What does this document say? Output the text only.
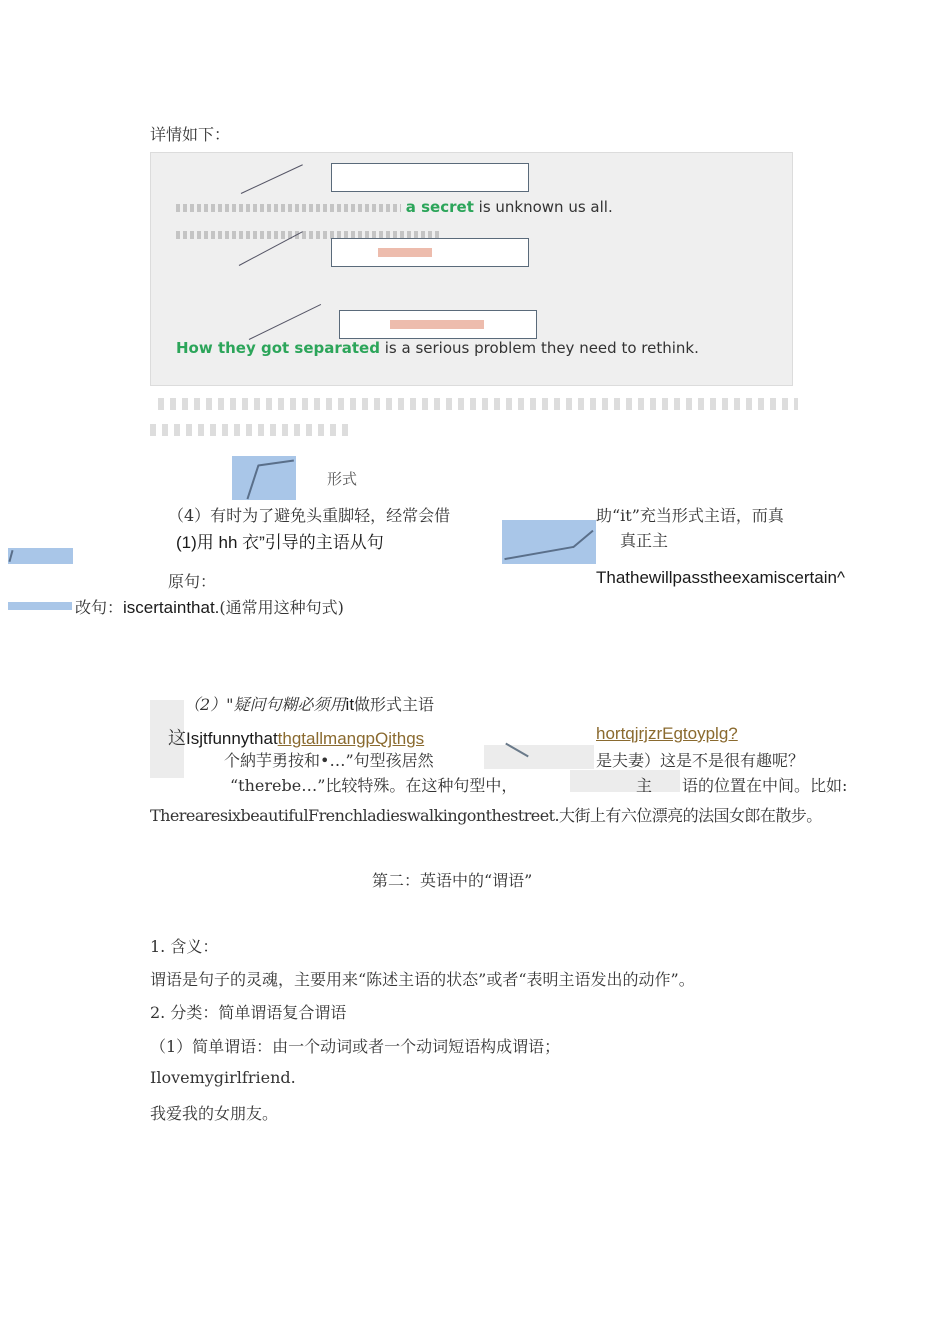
详情如下：
a secret is unknown us all.
How they got separated is a serious problem they need to rethink.
形式
（4）有时为了避免头重脚轻，经常会借	助“it”充当形式主语，而真
(1)用 hh 衣”引导的主语从句	真正主
原句：	Thathewillpasstheexamiscertain^
改句：iscertainthat.(通常用这种句式)
（2）"疑问句糊必须用it做形式主语
这IsjtfunnythatthgtallmangpQjthgs	hortqjrjzrEgtoyplg?
个納芋勇按和•…”句型孩居然	是夫妻）这是不是很有趣呢？
“therebe…”比较特殊。在这种句型中，	主 语的位置在中间。比如:
TherearesixbeautifulFrenchladieswalkingonthestreet.大街上有六位漂亮的法国女郎在散步。
第二：英语中的“谓语”
1. 含义：
谓语是句子的灵魂，主要用来“陈述主语的状态”或者“表明主语发出的动作”。
2. 分类：简单谓语复合谓语
（1）简单谓语：由一个动词或者一个动词短语构成谓语；
Ilovemygirlfriend.
我爱我的女朋友。
